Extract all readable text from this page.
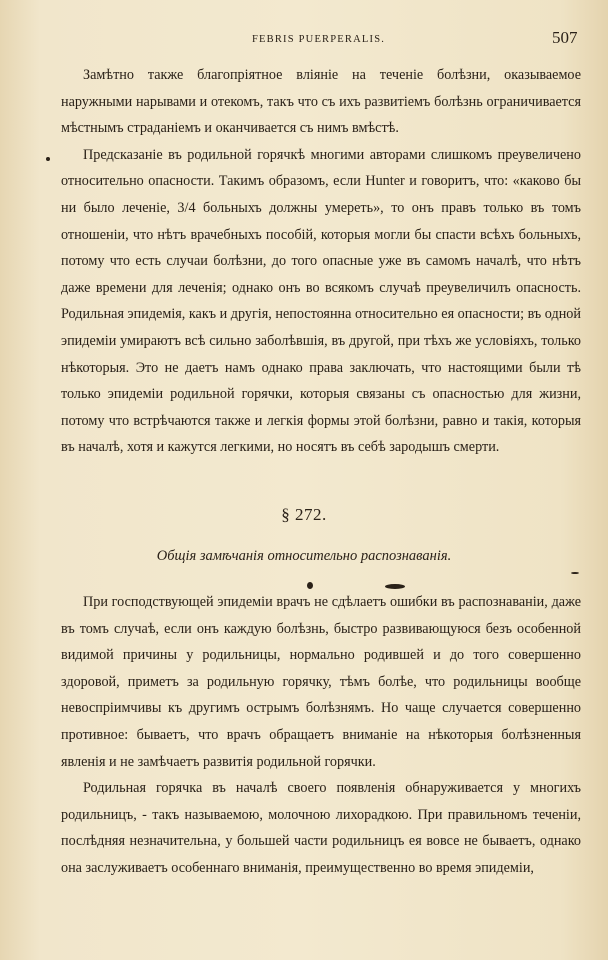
FEBRIS PUERPERALIS.	507

Замѣтно также благопріятное вліяніе на теченіе болѣзни, оказываемое наружными нарывами и отекомъ, такъ что съ ихъ развитіемъ болѣзнь ограничивается мѣстнымъ страданіемъ и оканчивается съ нимъ вмѣстѣ.

Предсказаніе въ родильной горячкѣ многими авторами слишкомъ преувеличено относительно опасности. Такимъ образомъ, если Hunter и говоритъ, что: «каково бы ни было леченіе, 3/4 больныхъ должны умереть», то онъ правъ только въ томъ отношеніи, что нѣтъ врачебныхъ пособій, которыя могли бы спасти всѣхъ больныхъ, потому что есть случаи болѣзни, до того опасные уже въ самомъ началѣ, что нѣтъ даже времени для леченія; однако онъ во всякомъ случаѣ преувеличилъ опасность. Родильная эпидемія, какъ и другія, непостоянна относительно ея опасности; въ одной эпидеміи умираютъ всѣ сильно заболѣвшія, въ другой, при тѣхъ же условіяхъ, только нѣкоторыя. Это не даетъ намъ однако права заключать, что настоящими были тѣ только эпидеміи родильной горячки, которыя связаны съ опасностью для жизни, потому что встрѣчаются также и легкія формы этой болѣзни, равно и такія, которыя въ началѣ, хотя и кажутся легкими, но носятъ въ себѣ зародышъ смерти.

§ 272.
Общія замѣчанія относительно распознаванія.

При господствующей эпидеміи врачъ не сдѣлаетъ ошибки въ распознаваніи, даже въ томъ случаѣ, если онъ каждую болѣзнь, быстро развивающуюся безъ особенной видимой причины у родильницы, нормально родившей и до того совершенно здоровой, приметъ за родильную горячку, тѣмъ болѣе, что родильницы вообще невоспріимчивы къ другимъ острымъ болѣзнямъ. Но чаще случается совершенно противное: бываетъ, что врачъ обращаетъ вниманіе на нѣкоторыя болѣзненныя явленія и не замѣчаетъ развитія родильной горячки.

Родильная горячка въ началѣ своего появленія обнаруживается у многихъ родильницъ, - такъ называемою, молочною лихорадкою. При правильномъ теченіи, послѣдняя незначительна, у большей части родильницъ ея вовсе не бываетъ, однако она заслуживаетъ особеннаго вниманія, преимущественно во время эпидеміи,
